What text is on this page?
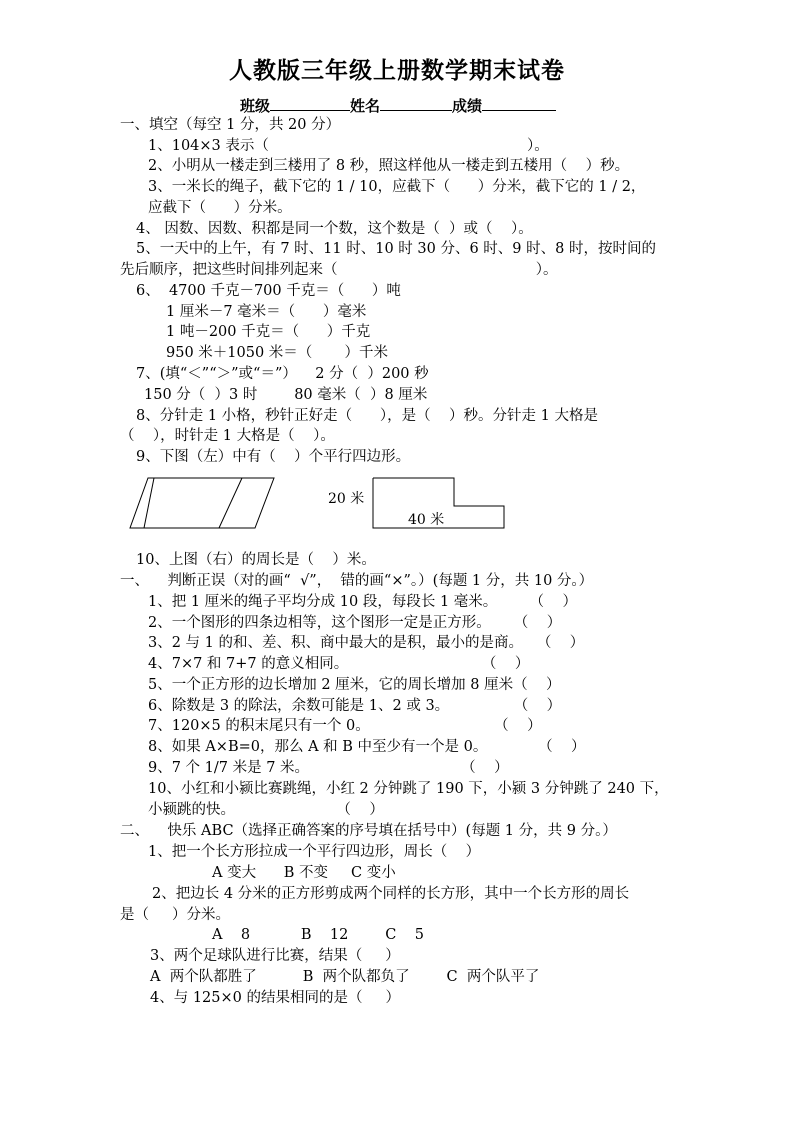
人教版三年级上册数学期末试卷
班级	姓名	成绩
一、填空（每空 1 分，共 20 分）
1、104×3 表示（                                                        ）。
2、小明从一楼走到三楼用了 8 秒，照这样他从一楼走到五楼用（    ）秒。
3、一米长的绳子，截下它的 1 / 10，应截下（      ）分米，截下它的 1 / 2，
应截下（      ）分米。
4、 因数、因数、积都是同一个数，这个数是（  ）或（    ）。
5、一天中的上午，有 7 时、11 时、10 时 30 分、6 时、9 时、8 时，按时间的
先后顺序，把这些时间排列起来（                                           ）。
6、  4700 千克－700 千克＝（      ）吨
1 厘米－7 毫米＝（      ）毫米
1 吨－200 千克＝（      ）千克
950 米＋1050 米＝（       ）千米
7、(填“＜”“＞”或“＝”）    2 分（  ）200 秒
150 分（  ）3 时        80 毫米（  ）8 厘米
8、分针走 1 小格，秒针正好走（      ），是（    ）秒。分针走 1 大格是
（    ），时针走 1 大格是（    ）。
9、下图（左）中有（    ）个平行四边形。
20 米
40 米
10、上图（右）的周长是（    ）米。
一、    判断正误（对的画“  √”，  错的画“×”。）(每题 1 分，共 10 分。）
1、把 1 厘米的绳子平均分成 10 段，每段长 1 毫米。       （    ）
2、一个图形的四条边相等，这个图形一定是正方形。     （    ）
3、2 与 1 的和、差、积、商中最大的是积，最小的是商。   （    ）
4、7×7 和 7+7 的意义相同。                             （    ）
5、一个正方形的边长增加 2 厘米，它的周长增加 8 厘米（    ）
6、除数是 3 的除法，余数可能是 1、2 或 3。              （    ）
7、120×5 的积末尾只有一个 0。                           （    ）
8、如果 A×B=0，那么 A 和 B 中至少有一个是 0。           （    ）
9、7 个 1/7 米是 7 米。                                 （    ）
10、小红和小颍比赛跳绳，小红 2 分钟跳了 190 下，小颍 3 分钟跳了 240 下，
小颍跳的快。                      （    ）
二、    快乐 ABC（选择正确答案的序号填在括号中）(每题 1 分，共 9 分。）
1、把一个长方形拉成一个平行四边形，周长（    ）
A 变大      B 不变     C 变小
2、把边长 4 分米的正方形剪成两个同样的长方形，其中一个长方形的周长
是（     ）分米。
A    8           B    12        C    5
3、两个足球队进行比赛，结果（     ）
A  两个队都胜了          B  两个队都负了        C  两个队平了
4、与 125×0 的结果相同的是（     ）
